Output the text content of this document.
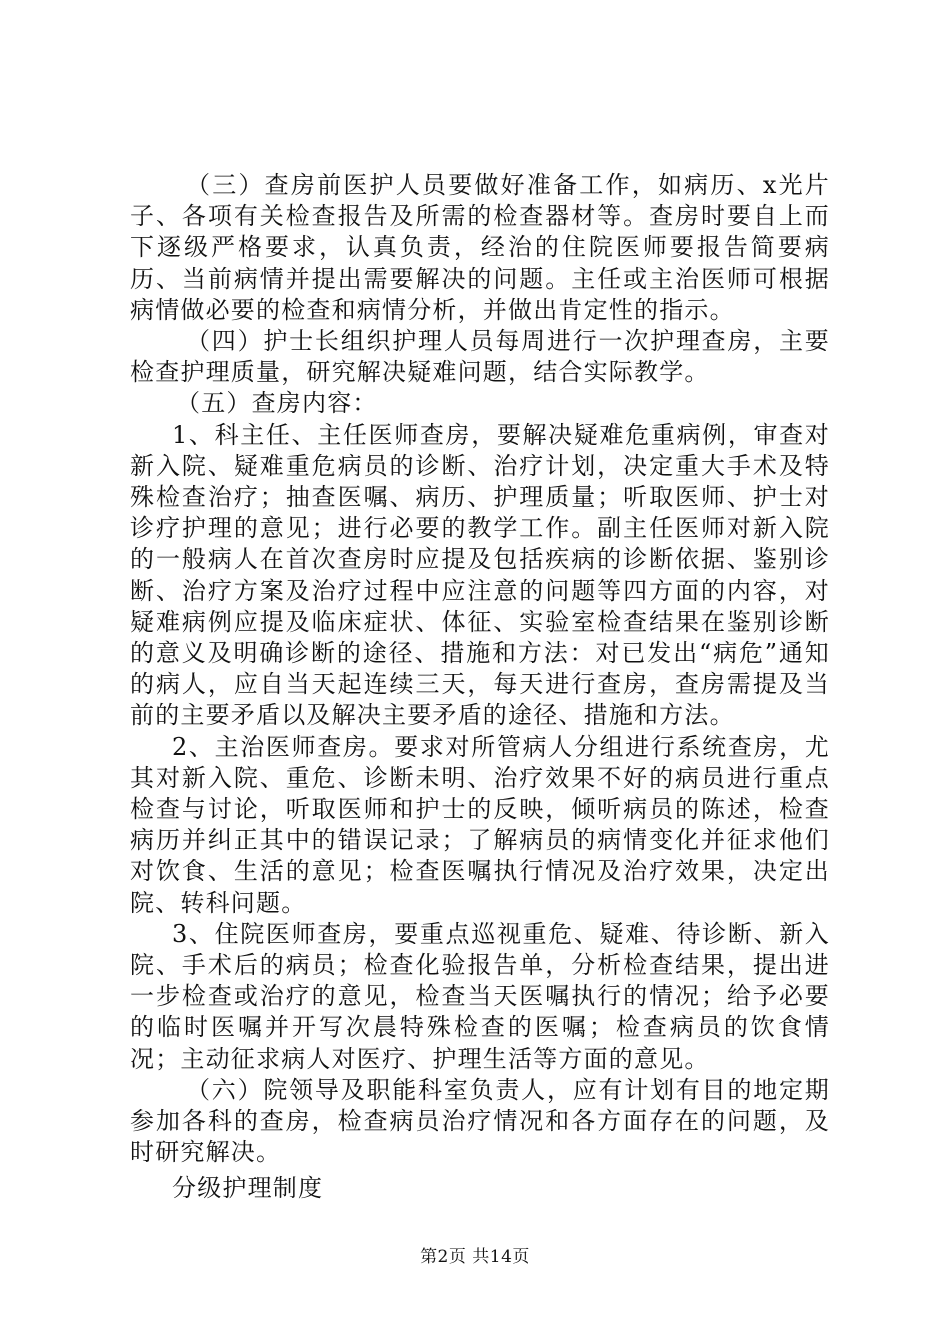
（三）查房前医护人员要做好准备工作，如病历、x光片子、各项有关检查报告及所需的检查器材等。查房时要自上而下逐级严格要求，认真负责，经治的住院医师要报告简要病历、当前病情并提出需要解决的问题。主任或主治医师可根据病情做必要的检查和病情分析，并做出肯定性的指示。

（四）护士长组织护理人员每周进行一次护理查房，主要检查护理质量，研究解决疑难问题，结合实际教学。

（五）查房内容：

1、科主任、主任医师查房，要解决疑难危重病例，审查对新入院、疑难重危病员的诊断、治疗计划，决定重大手术及特殊检查治疗；抽查医嘱、病历、护理质量；听取医师、护士对诊疗护理的意见；进行必要的教学工作。副主任医师对新入院的一般病人在首次查房时应提及包括疾病的诊断依据、鉴别诊断、治疗方案及治疗过程中应注意的问题等四方面的内容，对疑难病例应提及临床症状、体征、实验室检查结果在鉴别诊断的意义及明确诊断的途径、措施和方法：对已发出“病危”通知的病人，应自当天起连续三天，每天进行查房，查房需提及当前的主要矛盾以及解决主要矛盾的途径、措施和方法。

2、主治医师查房。要求对所管病人分组进行系统查房，尤其对新入院、重危、诊断未明、治疗效果不好的病员进行重点检查与讨论，听取医师和护士的反映，倾听病员的陈述，检查病历并纠正其中的错误记录；了解病员的病情变化并征求他们对饮食、生活的意见；检查医嘱执行情况及治疗效果，决定出院、转科问题。

3、住院医师查房，要重点巡视重危、疑难、待诊断、新入院、手术后的病员；检查化验报告单，分析检查结果，提出进一步检查或治疗的意见，检查当天医嘱执行的情况；给予必要的临时医嘱并开写次晨特殊检查的医嘱；检查病员的饮食情况；主动征求病人对医疗、护理生活等方面的意见。

（六）院领导及职能科室负责人，应有计划有目的地定期参加各科的查房，检查病员治疗情况和各方面存在的问题，及时研究解决。

分级护理制度

第2页 共14页
